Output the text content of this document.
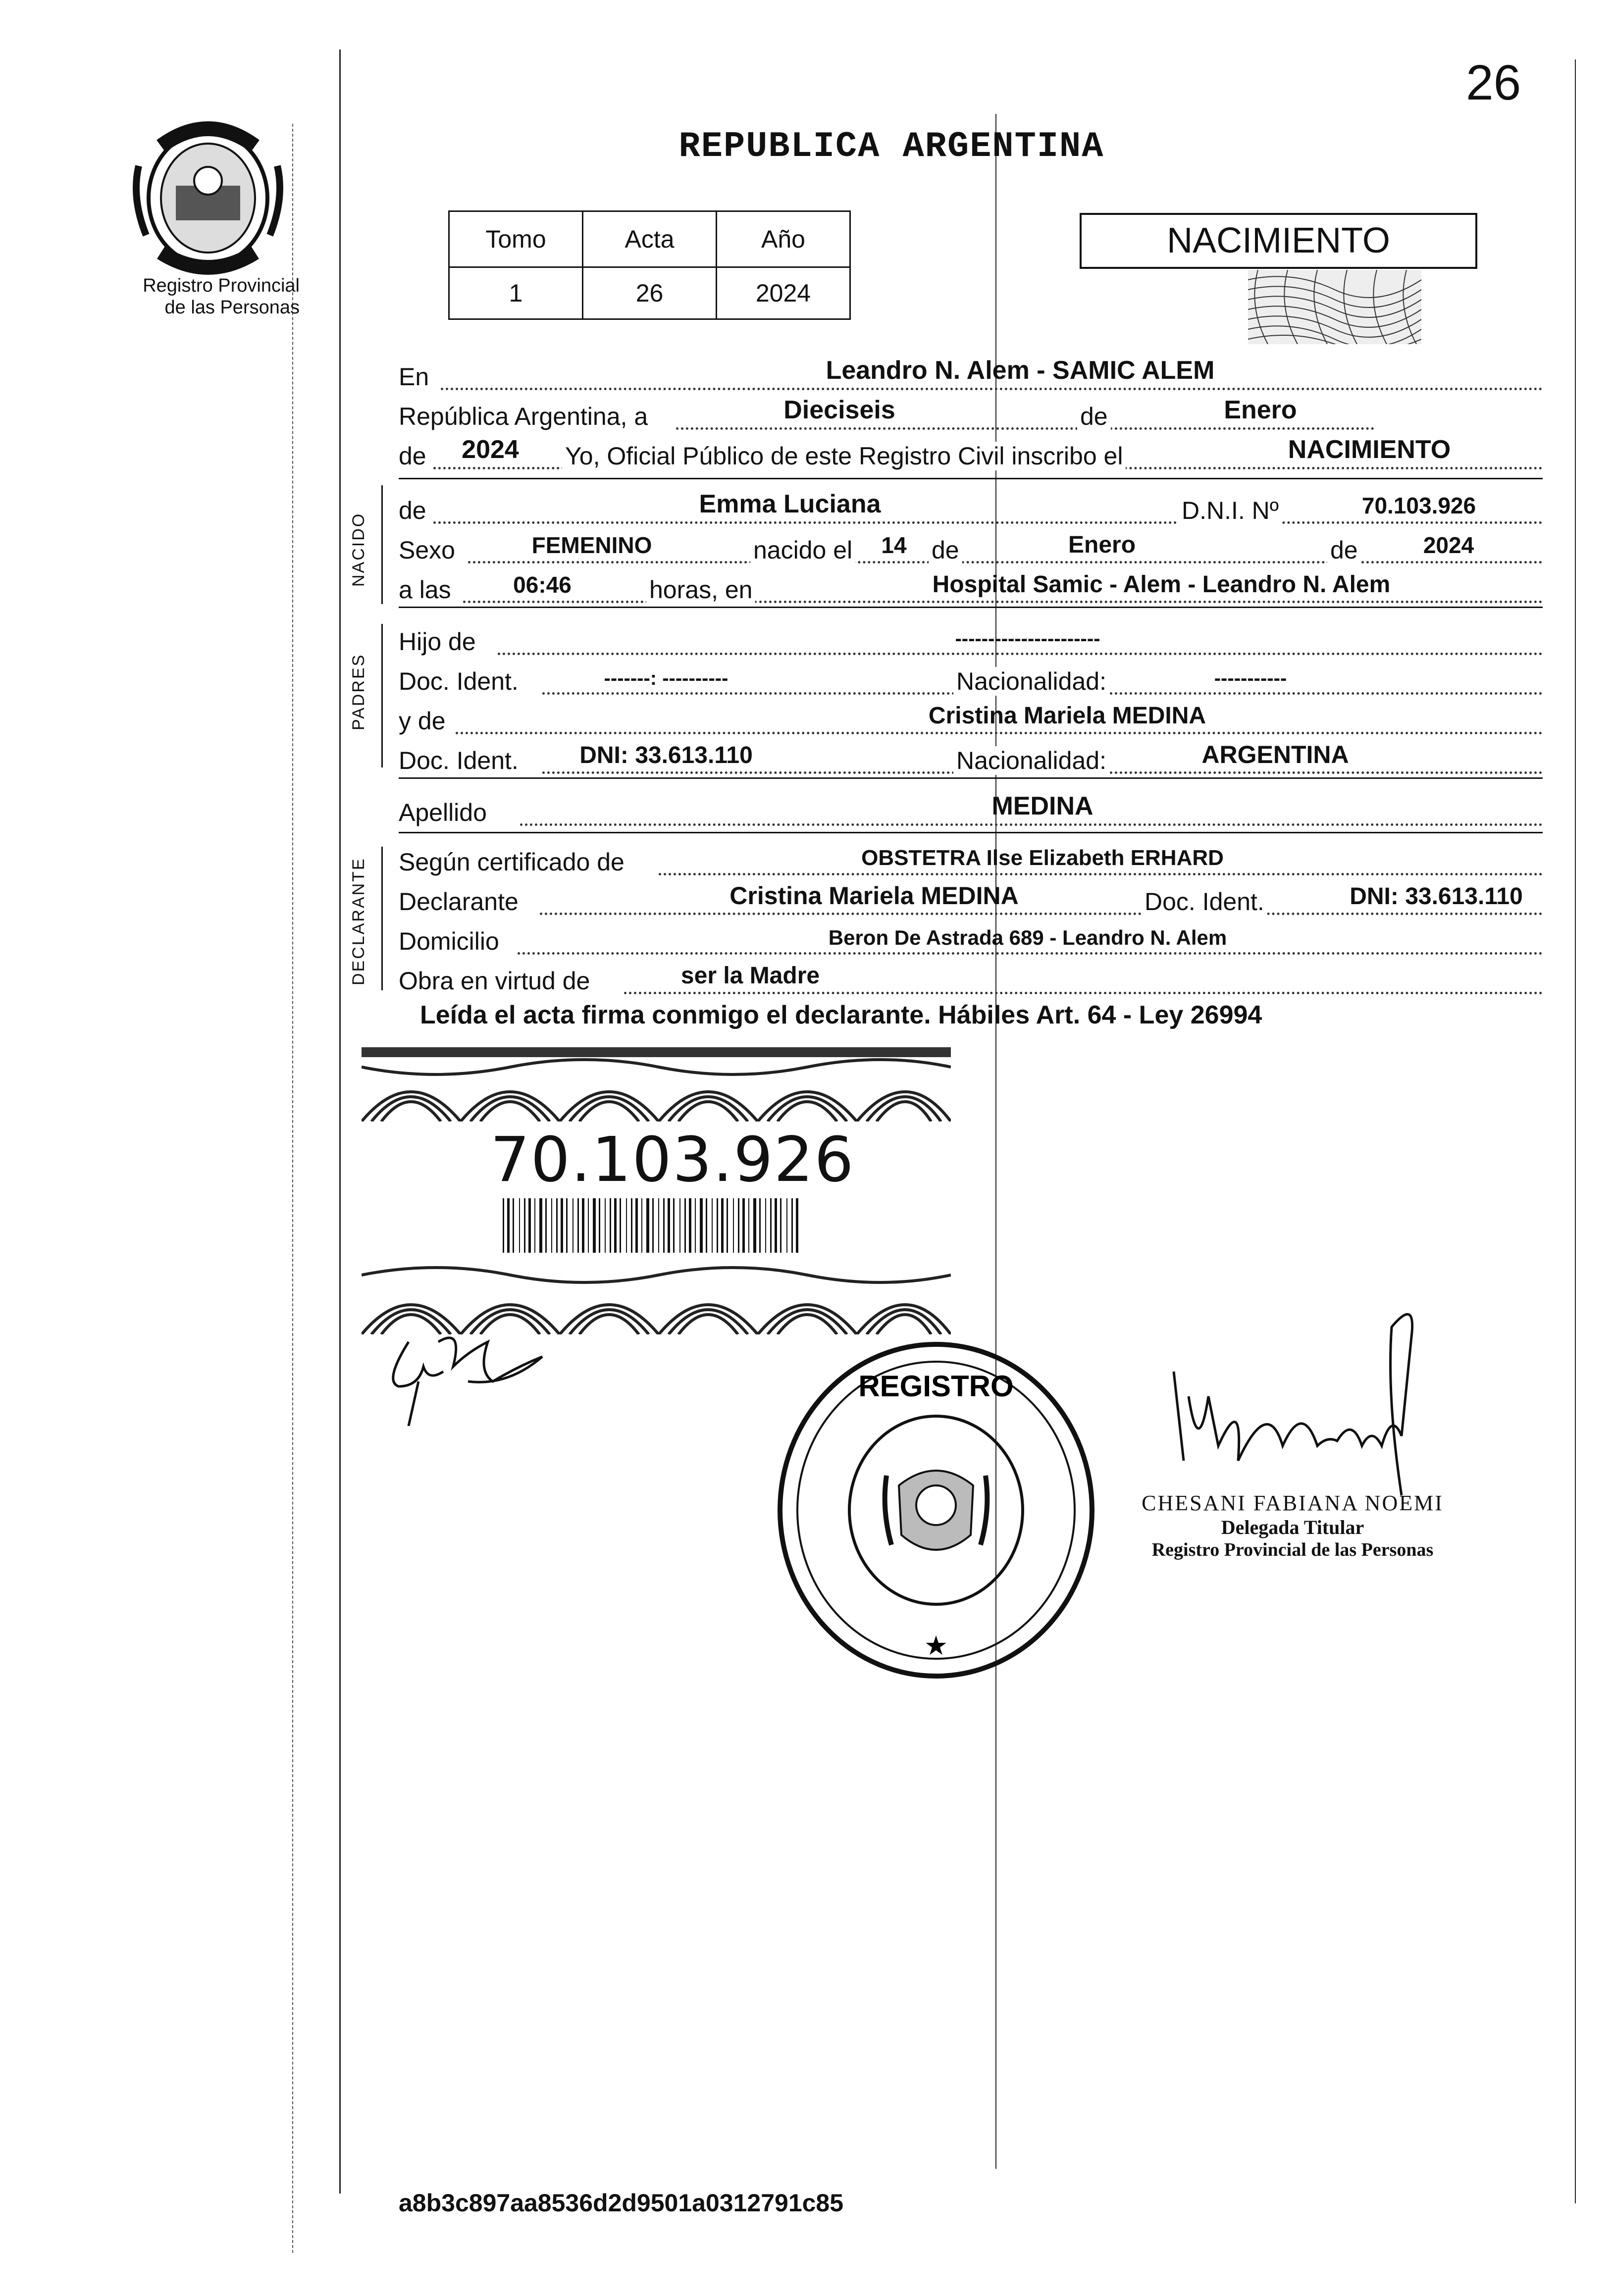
26
Registro Provincial
de las Personas
REPUBLICA ARGENTINA
Tomo	Acta	Año
1	26	2024
NACIMIENTO
En	Leandro N. Alem - SAMIC ALEM
República Argentina, a	Dieciseis	de	Enero
de	2024	Yo, Oficial Público de este Registro Civil inscribo el	NACIMIENTO
NACIDO
de	Emma Luciana	D.N.I. Nº	70.103.926
Sexo	FEMENINO	nacido el	14	de	Enero	de	2024
a las	06:46	horas, en	Hospital Samic - Alem - Leandro N. Alem
PADRES
Hijo de	----------------------
Doc. Ident.	-------: ----------	Nacionalidad:	-----------
y de	Cristina Mariela MEDINA
Doc. Ident.	DNI: 33.613.110	Nacionalidad:	ARGENTINA
Apellido	MEDINA
DECLARANTE Según certificado de	OBSTETRA Ilse Elizabeth ERHARD
Declarante	Cristina Mariela MEDINA	Doc. Ident.	DNI: 33.613.110
Domicilio	Beron De Astrada 689 - Leandro N. Alem
Obra en virtud de	ser la Madre
Leída el acta firma conmigo el declarante. Hábiles Art. 64 - Ley 26994
70.103.926
REGISTRO
★
CHESANI FABIANA NOEMI
Delegada Titular
Registro Provincial de las Personas
a8b3c897aa8536d2d9501a0312791c85
